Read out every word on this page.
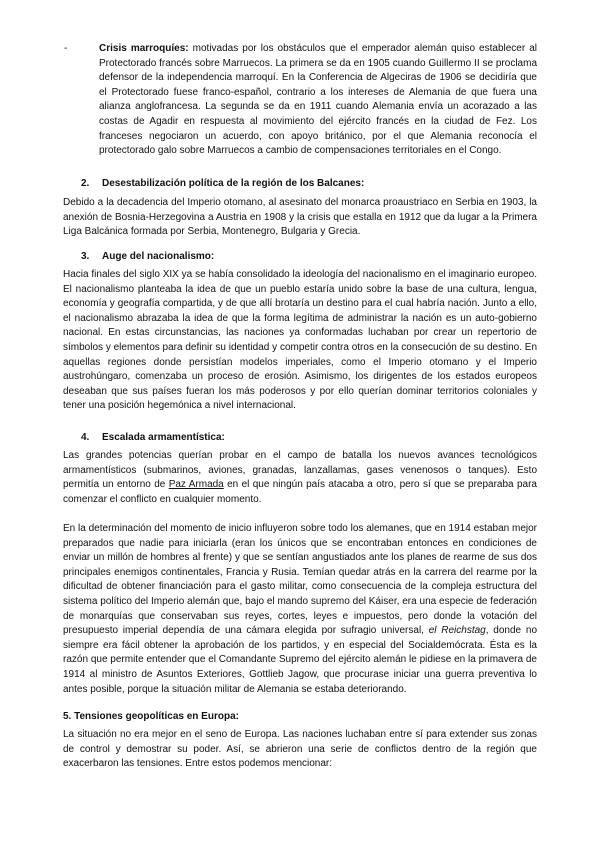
-	Crisis marroquíes: motivadas por los obstáculos que el emperador alemán quiso establecer al Protectorado francés sobre Marruecos. La primera se da en 1905 cuando Guillermo II se proclama defensor de la independencia marroquí. En la Conferencia de Algeciras de 1906 se decidiría que el Protectorado fuese franco-español, contrario a los intereses de Alemania de que fuera una alianza anglofrancesa. La segunda se da en 1911 cuando Alemania envía un acorazado a las costas de Agadir en respuesta al movimiento del ejército francés en la ciudad de Fez. Los franceses negociaron un acuerdo, con apoyo británico, por el que Alemania reconocía el protectorado galo sobre Marruecos a cambio de compensaciones territoriales en el Congo.

2. Desestabilización política de la región de los Balcanes:
Debido a la decadencia del Imperio otomano, al asesinato del monarca proaustriaco en Serbia en 1903, la anexión de Bosnia-Herzegovina a Austria en 1908 y la crisis que estalla en 1912 que da lugar a la Primera Liga Balcánica formada por Serbia, Montenegro, Bulgaria y Grecia.
3. Auge del nacionalismo:
Hacia finales del siglo XIX ya se había consolidado la ideología del nacionalismo en el imaginario europeo. El nacionalismo planteaba la idea de que un pueblo estaría unido sobre la base de una cultura, lengua, economía y geografía compartida, y de que allí brotaría un destino para el cual habría nación. Junto a ello, el nacionalismo abrazaba la idea de que la forma legítima de administrar la nación es un auto-gobierno nacional. En estas circunstancias, las naciones ya conformadas luchaban por crear un repertorio de símbolos y elementos para definir su identidad y competir contra otros en la consecución de su destino. En aquellas regiones donde persistían modelos imperiales, como el Imperio otomano y el Imperio austrohúngaro, comenzaba un proceso de erosión. Asimismo, los dirigentes de los estados europeos deseaban que sus países fueran los más poderosos y por ello querían dominar territorios coloniales y tener una posición hegemónica a nivel internacional.
4. Escalada armamentística:
Las grandes potencias querían probar en el campo de batalla los nuevos avances tecnológicos armamentísticos (submarinos, aviones, granadas, lanzallamas, gases venenosos o tanques). Esto permitía un entorno de Paz Armada en el que ningún país atacaba a otro, pero sí que se preparaba para comenzar el conflicto en cualquier momento.
En la determinación del momento de inicio influyeron sobre todo los alemanes, que en 1914 estaban mejor preparados que nadie para iniciarla (eran los únicos que se encontraban entonces en condiciones de enviar un millón de hombres al frente) y que se sentían angustiados ante los planes de rearme de sus dos principales enemigos continentales, Francia y Rusia. Temían quedar atrás en la carrera del rearme por la dificultad de obtener financiación para el gasto militar, como consecuencia de la compleja estructura del sistema político del Imperio alemán que, bajo el mando supremo del Káiser, era una especie de federación de monarquías que conservaban sus reyes, cortes, leyes e impuestos, pero donde la votación del presupuesto imperial dependía de una cámara elegida por sufragio universal, el Reichstag, donde no siempre era fácil obtener la aprobación de los partidos, y en especial del Socialdemócrata. Ésta es la razón que permite entender que el Comandante Supremo del ejército alemán le pidiese en la primavera de 1914 al ministro de Asuntos Exteriores, Gottlieb Jagow, que procurase iniciar una guerra preventiva lo antes posible, porque la situación militar de Alemania se estaba deteriorando.
5. Tensiones geopolíticas en Europa:
La situación no era mejor en el seno de Europa. Las naciones luchaban entre sí para extender sus zonas de control y demostrar su poder. Así, se abrieron una serie de conflictos dentro de la región que exacerbaron las tensiones. Entre estos podemos mencionar:
